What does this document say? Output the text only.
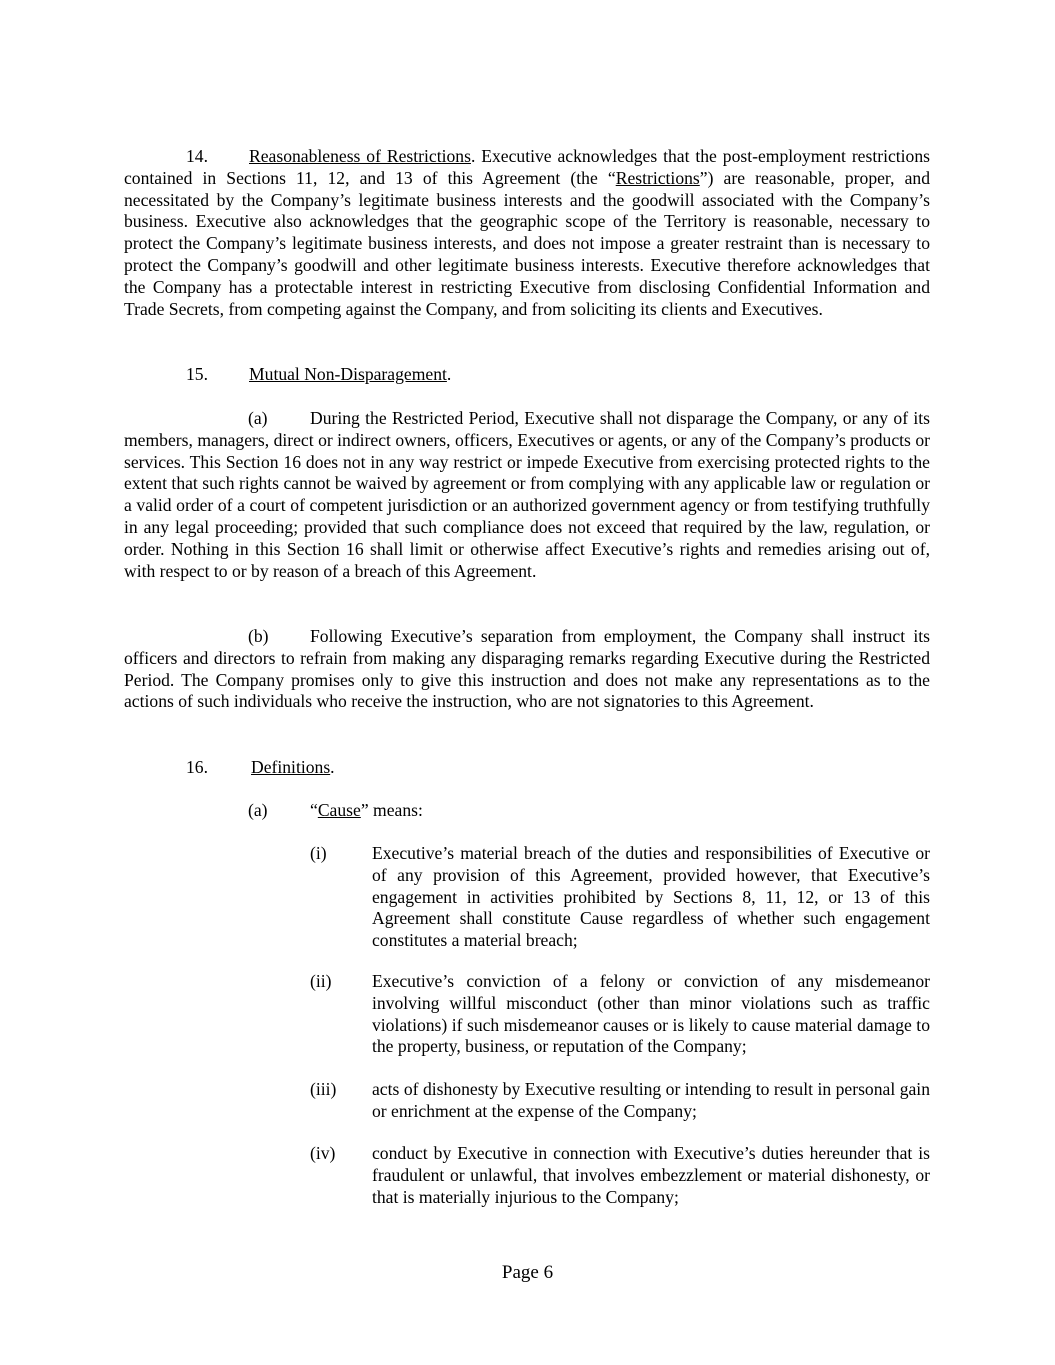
14. Reasonableness of Restrictions. Executive acknowledges that the post-employment restrictions contained in Sections 11, 12, and 13 of this Agreement (the “Restrictions”) are reasonable, proper, and necessitated by the Company’s legitimate business interests and the goodwill associated with the Company’s business. Executive also acknowledges that the geographic scope of the Territory is reasonable, necessary to protect the Company’s legitimate business interests, and does not impose a greater restraint than is necessary to protect the Company’s goodwill and other legitimate business interests. Executive therefore acknowledges that the Company has a protectable interest in restricting Executive from disclosing Confidential Information and Trade Secrets, from competing against the Company, and from soliciting its clients and Executives.

15. Mutual Non-Disparagement.

(a) During the Restricted Period, Executive shall not disparage the Company, or any of its members, managers, direct or indirect owners, officers, Executives or agents, or any of the Company’s products or services. This Section 16 does not in any way restrict or impede Executive from exercising protected rights to the extent that such rights cannot be waived by agreement or from complying with any applicable law or regulation or a valid order of a court of competent jurisdiction or an authorized government agency or from testifying truthfully in any legal proceeding; provided that such compliance does not exceed that required by the law, regulation, or order. Nothing in this Section 16 shall limit or otherwise affect Executive’s rights and remedies arising out of, with respect to or by reason of a breach of this Agreement.

(b) Following Executive’s separation from employment, the Company shall instruct its officers and directors to refrain from making any disparaging remarks regarding Executive during the Restricted Period. The Company promises only to give this instruction and does not make any representations as to the actions of such individuals who receive the instruction, who are not signatories to this Agreement.

16. Definitions.

(a) “Cause” means:

(i)	Executive’s material breach of the duties and responsibilities of Executive or of any provision of this Agreement, provided however, that Executive’s engagement in activities prohibited by Sections 8, 11, 12, or 13 of this Agreement shall constitute Cause regardless of whether such engagement constitutes a material breach;
(ii) Executive’s conviction of a felony or conviction of any misdemeanor involving willful misconduct (other than minor violations such as traffic violations) if such misdemeanor causes or is likely to cause material damage to the property, business, or reputation of the Company;
(iii) acts of dishonesty by Executive resulting or intending to result in personal gain or enrichment at the expense of the Company;
(iv) conduct by Executive in connection with Executive’s duties hereunder that is fraudulent or unlawful, that involves embezzlement or material dishonesty, or that is materially injurious to the Company;
Page 6
